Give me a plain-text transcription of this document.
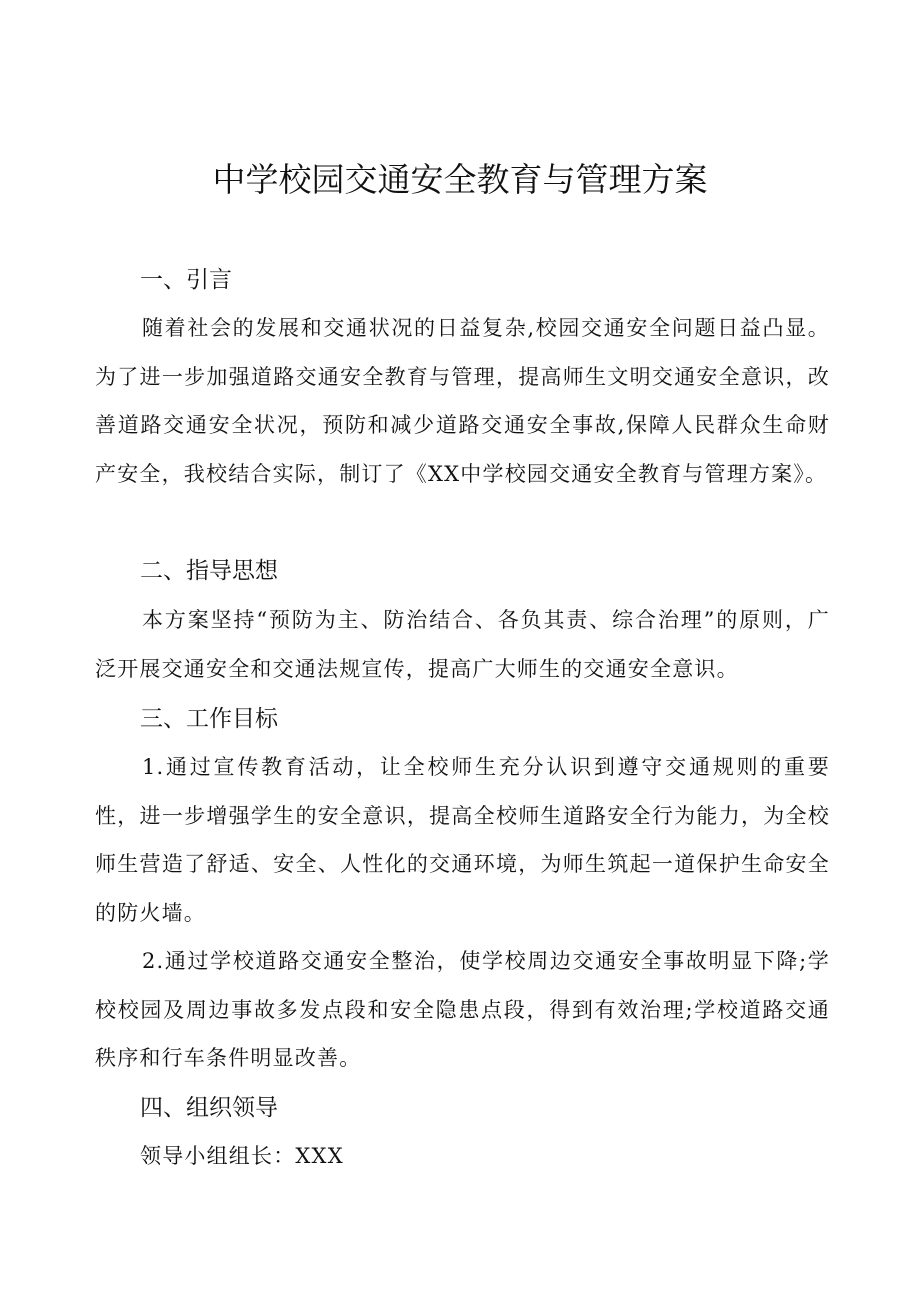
中学校园交通安全教育与管理方案
一、引言

随着社会的发展和交通状况的日益复杂,校园交通安全问题日益凸显。为了进一步加强道路交通安全教育与管理，提高师生文明交通安全意识，改善道路交通安全状况，预防和减少道路交通安全事故,保障人民群众生命财产安全，我校结合实际，制订了《XX中学校园交通安全教育与管理方案》。

二、指导思想

本方案坚持“预防为主、防治结合、各负其责、综合治理”的原则，广泛开展交通安全和交通法规宣传，提高广大师生的交通安全意识。

三、工作目标

1.通过宣传教育活动，让全校师生充分认识到遵守交通规则的重要性，进一步增强学生的安全意识，提高全校师生道路安全行为能力，为全校师生营造了舒适、安全、人性化的交通环境，为师生筑起一道保护生命安全的防火墙。

2.通过学校道路交通安全整治，使学校周边交通安全事故明显下降;学校校园及周边事故多发点段和安全隐患点段，得到有效治理;学校道路交通秩序和行车条件明显改善。

四、组织领导
领导小组组长：XXX
